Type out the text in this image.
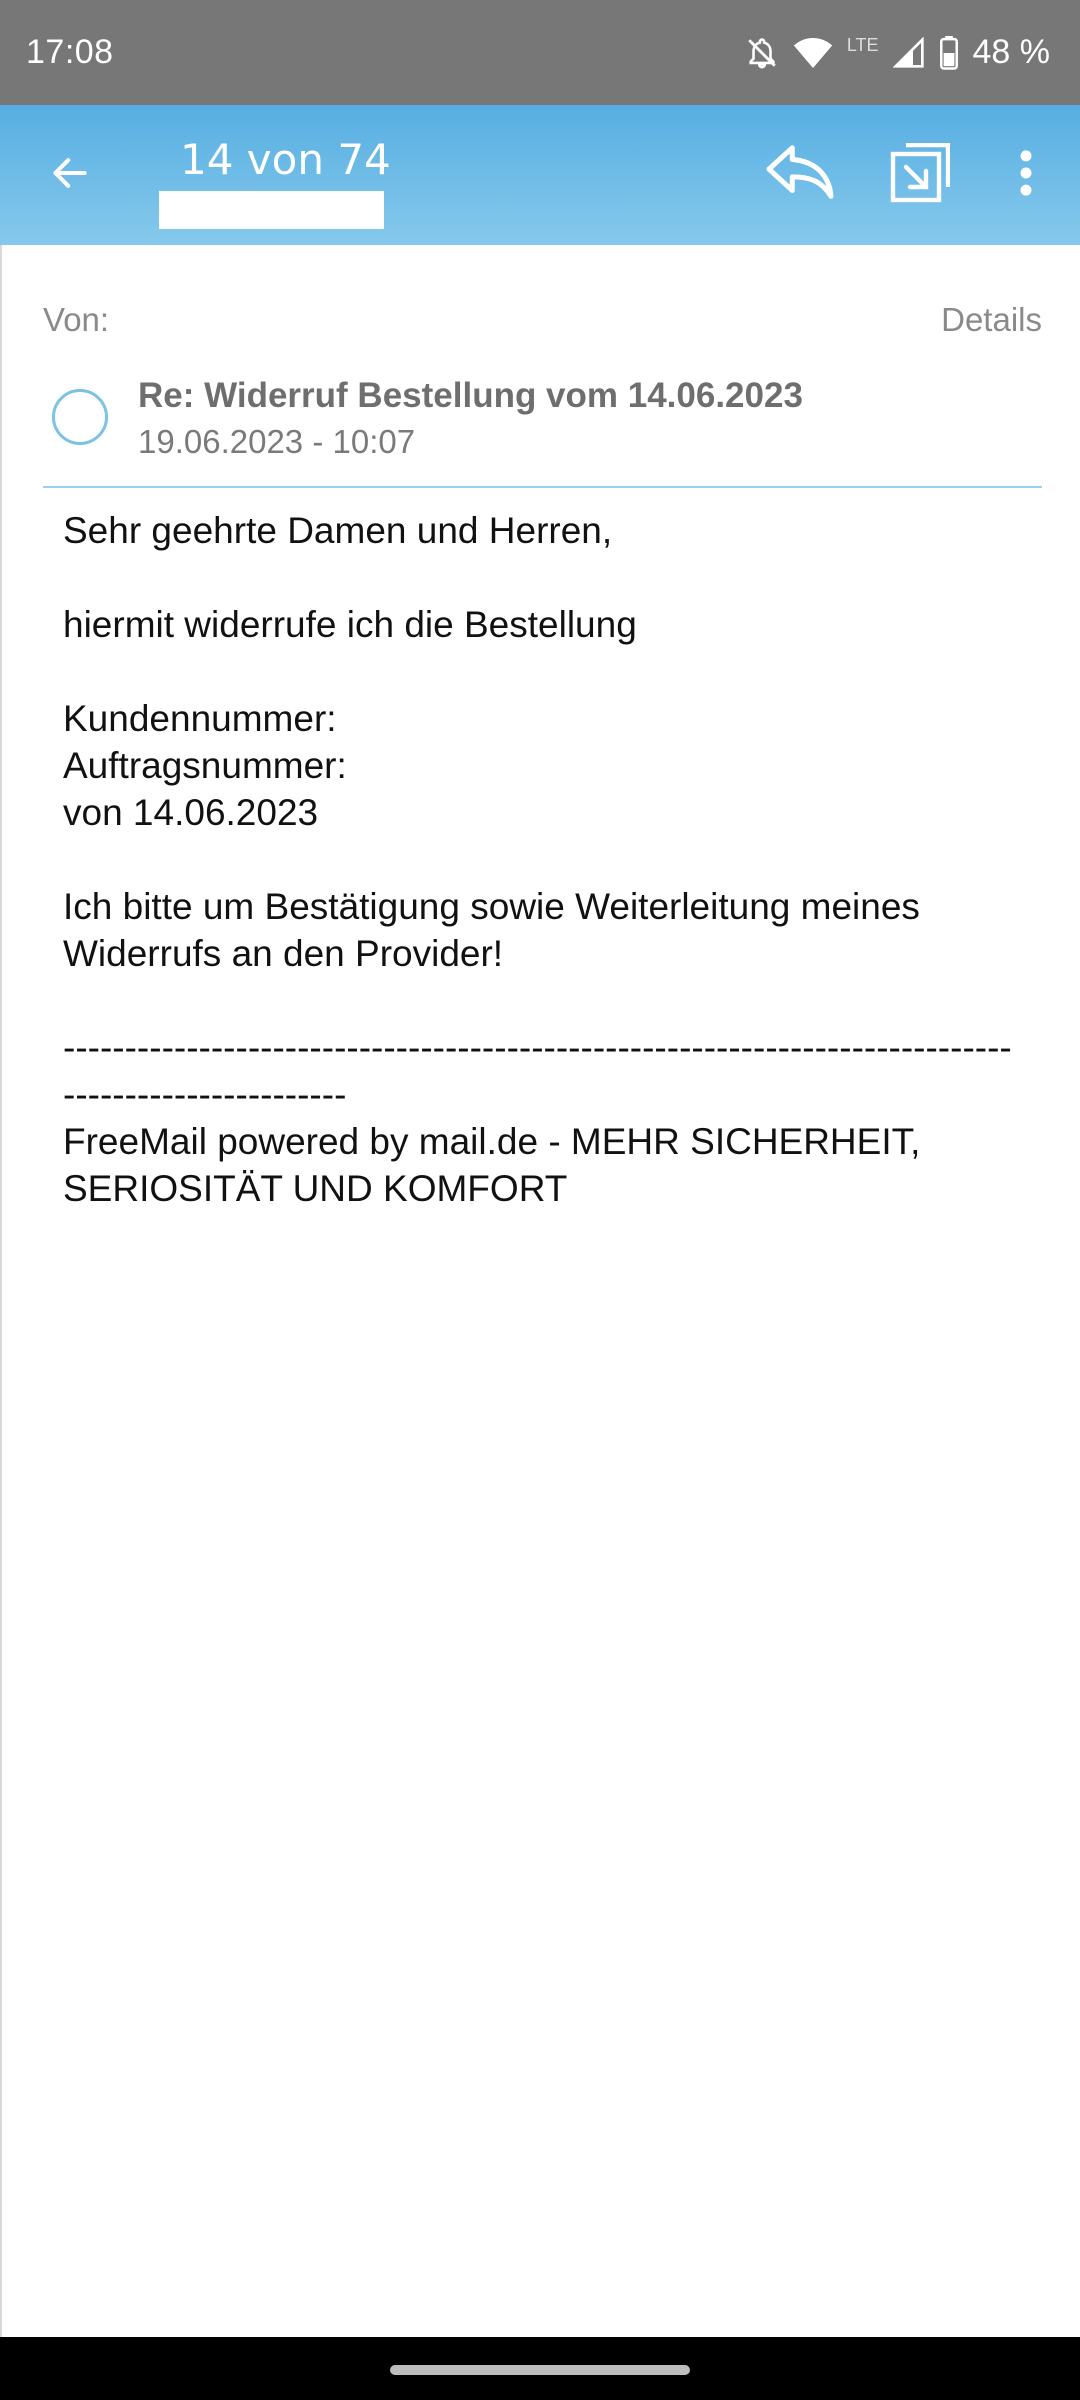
17:08	LTE	48 %
14 von 74
Von:	Details
Re: Widerruf Bestellung vom 14.06.2023
19.06.2023 - 10:07

Sehr geehrte Damen und Herren,

hiermit widerrufe ich die Bestellung

Kundennummer:

Auftragsnummer:

von 14.06.2023

Ich bitte um Bestätigung sowie Weiterleitung meines Widerrufs an den Provider!

----------------------------------------------------------------------------------------------------

FreeMail powered by mail.de - MEHR SICHERHEIT, SERIOSITÄT UND KOMFORT
